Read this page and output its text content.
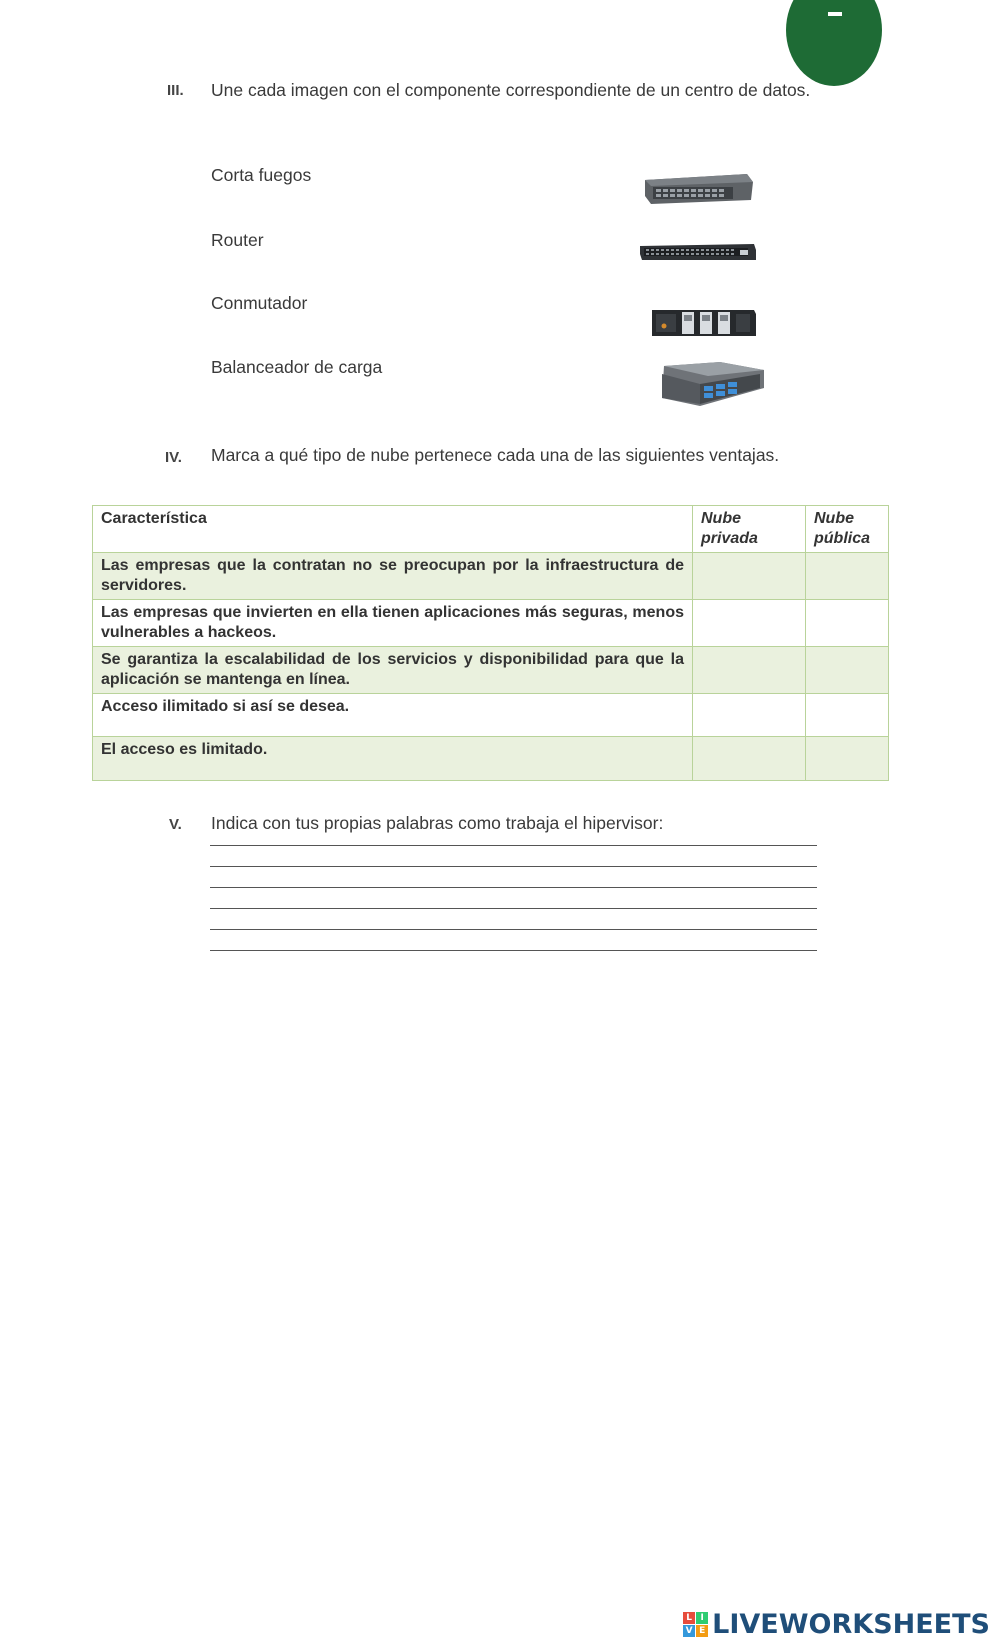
III. Une cada imagen con el componente correspondiente de un centro de datos.
Corta fuegos
Router
Conmutador
Balanceador de carga
IV. Marca a qué tipo de nube pertenece cada una de las siguientes ventajas.
Característica	Nube privada	Nube pública
Las empresas que la contratan no se preocupan por la infraestructura de servidores.		
Las empresas que invierten en ella tienen aplicaciones más seguras, menos vulnerables a hackeos.		
Se garantiza la escalabilidad de los servicios y disponibilidad para que la aplicación se mantenga en línea.		
Acceso ilimitado si así se desea.		
El acceso es limitado.		
V. Indica con tus propias palabras como trabaja el hipervisor:
L I
V E LIVEWORKSHEETS
